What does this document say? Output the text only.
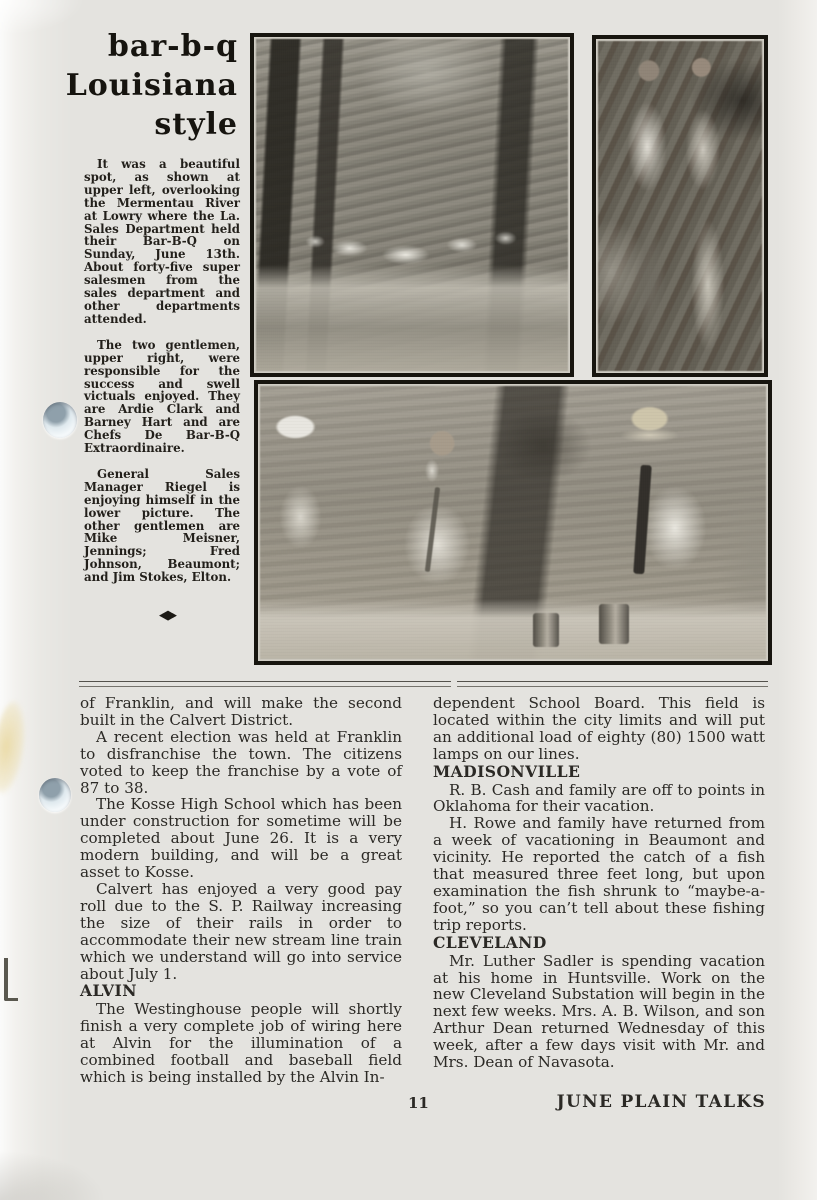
bar-b-q
Louisiana
style

It was a beautiful spot, as shown at upper left, overlooking the Mermentau River at Lowry where the La. Sales Department held their Bar-B-Q on Sunday, June 13th. About forty-five super salesmen from the sales department and other departments attended.

The two gentlemen, upper right, were responsible for the success and swell victuals enjoyed. They are Ardie Clark and Barney Hart and are Chefs De Bar-B-Q Extraordinaire.

General Sales Manager Riegel is enjoying himself in the lower picture. The other gentlemen are Mike Meisner, Jennings; Fred Johnson, Beaumont; and Jim Stokes, Elton.

◆

of Franklin, and will make the second built in the Calvert District.

A recent election was held at Franklin to disfranchise the town. The citizens voted to keep the franchise by a vote of 87 to 38.

The Kosse High School which has been under construction for sometime will be completed about June 26. It is a very modern building, and will be a great asset to Kosse.

Calvert has enjoyed a very good pay roll due to the S. P. Railway increasing the size of their rails in order to accommodate their new stream line train which we understand will go into service about July 1.

ALVIN

The Westinghouse people will shortly finish a very complete job of wiring here at Alvin for the illumination of a combined football and baseball field which is being installed by the Alvin In-

dependent School Board. This field is located within the city limits and will put an additional load of eighty (80) 1500 watt lamps on our lines.

MADISONVILLE

R. B. Cash and family are off to points in Oklahoma for their vacation.

H. Rowe and family have returned from a week of vacationing in Beaumont and vicinity. He reported the catch of a fish that measured three feet long, but upon examination the fish shrunk to “maybe-a-foot,” so you can’t tell about these fishing trip reports.

CLEVELAND

Mr. Luther Sadler is spending vacation at his home in Huntsville. Work on the new Cleveland Substation will begin in the next few weeks. Mrs. A. B. Wilson, and son Arthur Dean returned Wednesday of this week, after a few days visit with Mr. and Mrs. Dean of Navasota.

11	JUNE PLAIN TALKS
